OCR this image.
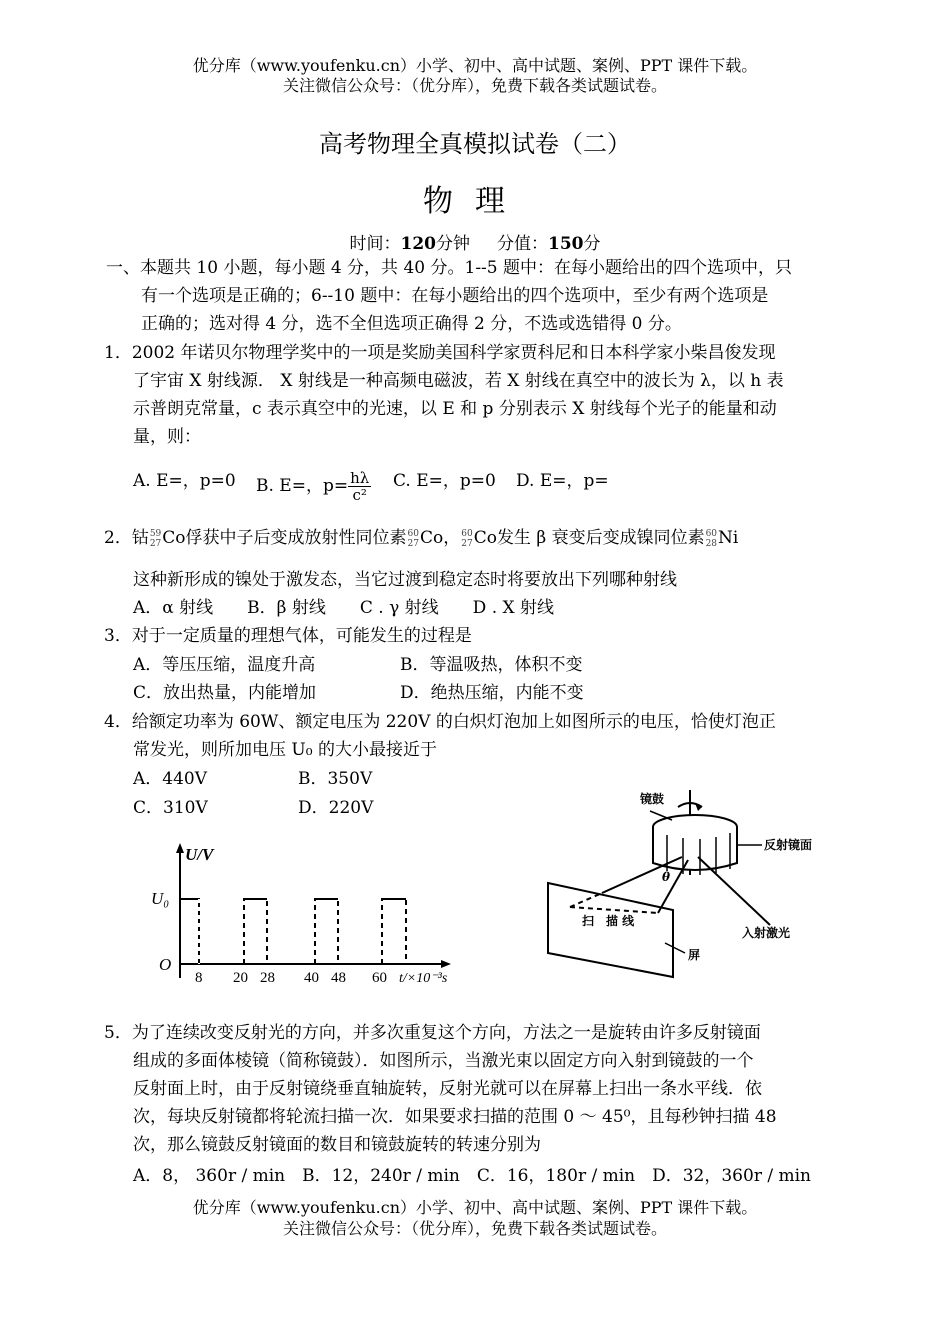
优分库（www.youfenku.cn）小学、初中、高中试题、案例、PPT 课件下载。
关注微信公众号：（优分库），免费下载各类试题试卷。
高考物理全真模拟试卷（二）
物理
时间：120分钟 分值：150分
一、本题共 10 小题，每小题 4 分，共 40 分。1--5 题中：在每小题给出的四个选项中，只
有一个选项是正确的；6--10 题中：在每小题给出的四个选项中，至少有两个选项是
正确的；选对得 4 分，选不全但选项正确得 2 分，不选或选错得 0 分。
1．2002 年诺贝尔物理学奖中的一项是奖励美国科学家贾科尼和日本科学家小柴昌俊发现
了宇宙 X 射线源． X 射线是一种高频电磁波，若 X 射线在真空中的波长为 λ，以 h 表
示普朗克常量，c 表示真空中的光速，以 E 和 p 分别表示 X 射线每个光子的能量和动
量，则：
A. E=，p=0 B. E=，$p= \frac{h\lambda}{\text{c²}} C$. E=，p=0 D. E=，p=
2．钴 59
27 Co俘获中子后变成放射性同位素 60
27 Co， 60
27 Co发生 β 衰变后变成镍同位素 60
28 Ni
这种新形成的镍处于激发态，当它过渡到稳定态时将要放出下列哪种射线
A．α 射线　　B．β 射线　　C . γ 射线　　D . X 射线
3．对于一定质量的理想气体，可能发生的过程是
A．等压压缩，温度升高	B．等温吸热，体积不变
C．放出热量，内能增加	D．绝热压缩，内能不变
4．给额定功率为 60W、额定电压为 220V 的白炽灯泡加上如图所示的电压，恰使灯泡正
常发光，则所加电压 U₀ 的大小最接近于
A．440V	B．350V
C．310V	D．220V
U/V
U₀
O
8 20 28 40 48 60 t/×10⁻³s
镜鼓
反射镜面
θ
扫　描 线
入射激光
屏
5．为了连续改变反射光的方向，并多次重复这个方向，方法之一是旋转由许多反射镜面
组成的多面体棱镜（简称镜鼓）．如图所示，当激光束以固定方向入射到镜鼓的一个
反射面上时，由于反射镜绕垂直轴旋转，反射光就可以在屏幕上扫出一条水平线．依
次，每块反射镜都将轮流扫描一次．如果要求扫描的范围 0 ～ 45⁰，且每秒钟扫描 48
次，那么镜鼓反射镜面的数目和镜鼓旋转的转速分别为
A．8， 360r / min　B．12，240r / min　C．16，180r / min　D．32，360r / min
优分库（www.youfenku.cn）小学、初中、高中试题、案例、PPT 课件下载。
关注微信公众号：（优分库），免费下载各类试题试卷。
